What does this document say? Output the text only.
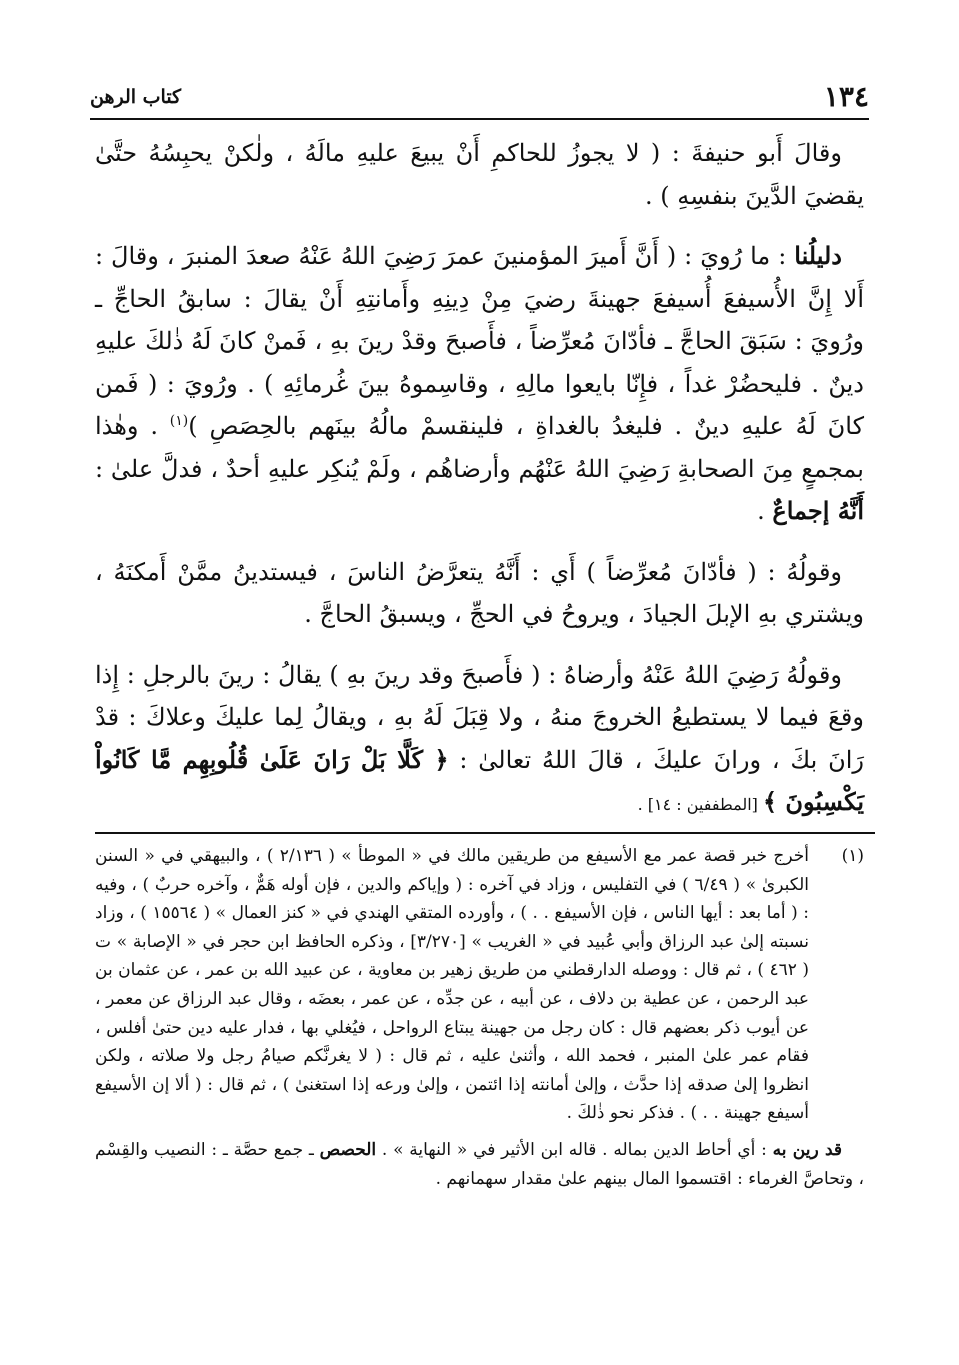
١٣٤
كتاب الرهن

وقالَ أَبو حنيفةَ : ( لا يجوزُ للحاكمِ أَنْ يبيعَ عليهِ مالَهُ ، ولٰكنْ يحبِسُهُ حتَّىٰ يقضيَ الدَّينَ بنفسِهِ ) .

دليلُنا : ما رُويَ : ( أَنَّ أَميرَ المؤمنينَ عمرَ رَضِيَ اللهُ عَنْهُ صعدَ المنبرَ ، وقالَ : أَلا إِنَّ الأُسيفعَ أُسيفعَ جهينةَ رضيَ مِنْ دِينِهِ وأَمانتِهِ أَنْ يقالَ : سابقُ الحاجِّ ـ ورُويَ : سَبَقَ الحاجَّ ـ فأدّانَ مُعرِّضاً ، فأَصبحَ وقدْ رينَ بهِ ، فَمنْ كانَ لَهُ ذٰلكَ عليهِ دينٌ . فليحضُرْ غداً ، فإِنّا بايعوا مالِهِ ، وقاسِموهُ بينَ غُرمائِهِ ) . ورُويَ : ( فَمن كانَ لَهُ عليهِ دينٌ . فليغدُ بالغداةِ ، فلينقسمْ مالُهُ بينَهم بالحِصَصِ )$^{(١)}$ . وهٰذا بمجمعٍ مِنَ الصحابةِ رَضِيَ اللهُ عَنْهُم وأرضاهُم ، ولَمْ يُنكِر عليهِ أحدٌ ، فدلَّ علىٰ : أَنَّهُ إجماعٌ .

وقولُهُ : ( فأدّانَ مُعرِّضاً ) أَي : أَنَّهُ يتعرَّضُ الناسَ ، فيستدينُ ممَّنْ أَمكنَهُ ، ويشتري بهِ الإبلَ الجيادَ ، ويروحُ في الحجِّ ، ويسبقُ الحاجَّ .

وقولُهُ رَضِيَ اللهُ عَنْهُ وأرضاهُ : ( فأَصبحَ وقد رينَ بهِ ) يقالُ : رينَ بالرجلِ : إِذا وقعَ فيما لا يستطيعُ الخروجَ منهُ ، ولا قِبَلَ لَهُ بهِ ، ويقالُ لِما عليكَ وعلاكَ : قدْ رَانَ بكَ ، ورانَ عليكَ ، قالَ اللهُ تعالىٰ : ﴿ كَلَّا بَلْ رَانَ عَلَىٰ قُلُوبِهِم مَّا كَانُواْ يَكْسِبُونَ ﴾ [المطففين : ١٤] .

(١)
أخرج خبر قصة عمر مع الأسيفع من طريقين مالك في « الموطأ » ( ٢/١٣٦ ) ، والبيهقي في « السنن الكبرىٰ » ( ٦/٤٩ ) في التفليس ، وزاد في آخره : ( وإياكم والدين ، فإن أوله هَمٌّ ، وآخره حربٌ ) ، وفيه : ( أما بعد : أيها الناس ، فإن الأسيفع . . ) ، وأورده المتقي الهندي في « كنز العمال » ( ١٥٥٦٤ ) ، وزاد نسبته إلىٰ عبد الرزاق وأبي عُبيد في « الغريب » [٣/٢٧٠] ، وذكره الحافظ ابن حجر في « الإصابة » ت ( ٤٦٢ ) ، ثم قال : ووصله الدارقطني من طريق زهير بن معاوية ، عن عبيد الله بن عمر ، عن عثمان بن عبد الرحمن ، عن عطية بن دلاف ، عن أبيه ، عن جدِّه ، عن عمر ، بعضَه ، وقال عبد الرزاق عن معمر ، عن أيوب ذكر بعضهم قال : كان رجل من جهينة يبتاع الرواحل ، فيُغلي بها ، فدار عليه دين حتىٰ أفلس ، فقام عمر علىٰ المنبر ، فحمد الله ، وأثنىٰ عليه ، ثم قال : ( لا يغرنَّكم صيامُ رجل ولا صلاته ، ولكن انظروا إلىٰ صدقه إذا حدَّث ، وإلىٰ أمانته إذا ائتمن ، وإلىٰ ورعه إذا استغنىٰ ) ، ثم قال : ( ألا إن الأسيفع أسيفع جهينة . . ) . فذكر نحو ذٰلكَ .

قد رين به : أي أحاط الدين بماله . قاله ابن الأثير في « النهاية » . الحصص ـ جمع حصَّة ـ : النصيب والقِسْم ، وتحاصَّ الغرماء : اقتسموا المال بينهم علىٰ مقدار سهمانهم .
